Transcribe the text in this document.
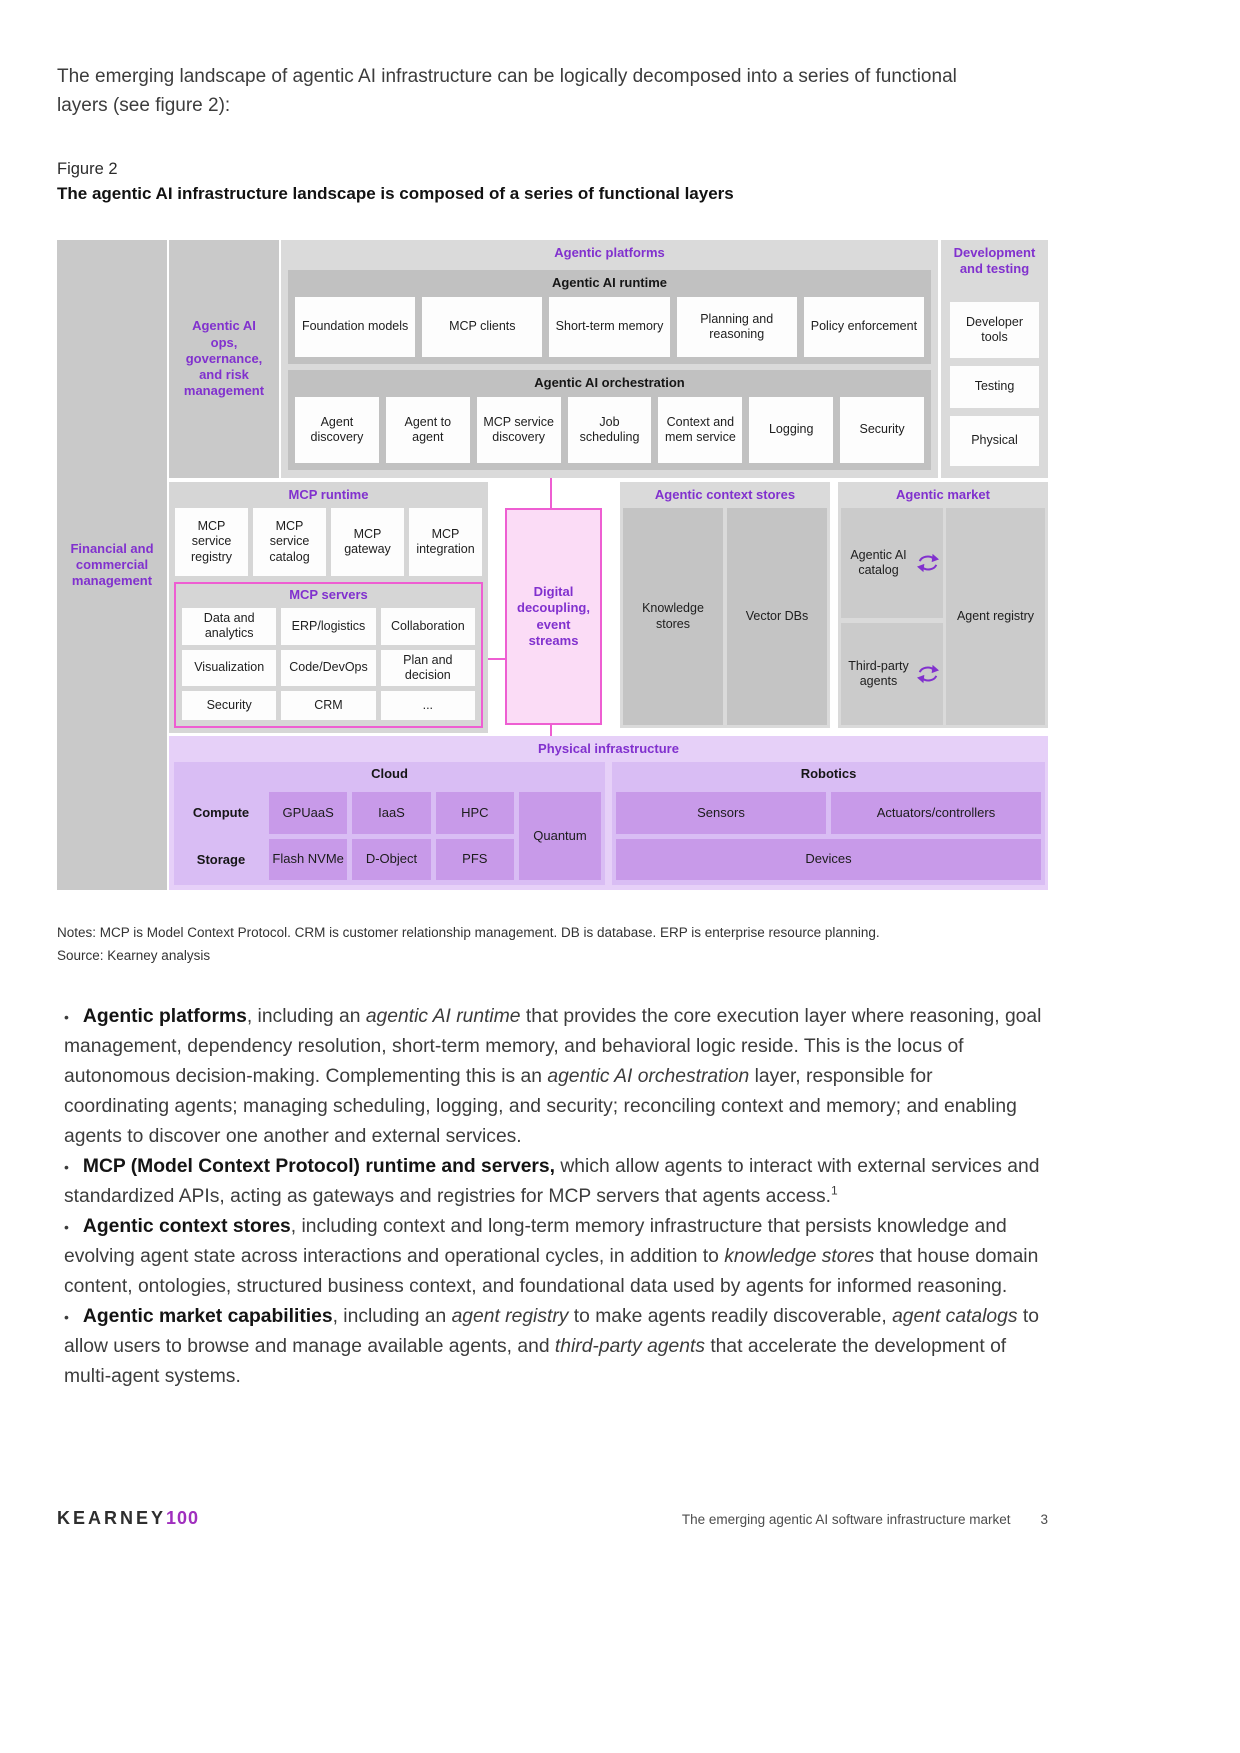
The emerging landscape of agentic AI infrastructure can be logically decomposed into a series of functional layers (see figure 2):

Figure 2
The agentic AI infrastructure landscape is composed of a series of functional layers
Financial and commercial management
Agentic AI ops, governance, and risk management
Agentic platforms
Agentic AI runtime
Foundation models	MCP clients	Short-term memory
Planning and reasoning
Policy enforcement
Agentic AI orchestration
Agent discovery
Agent to agent
MCP service discovery
Job scheduling
Context and mem service
Logging	Security
Development and testing
Developer tools
Testing
Physical
MCP runtime
MCP service registry
MCP service catalog
MCP gateway
MCP integration
MCP servers
Data and analytics
ERP/logistics	Collaboration
Visualization	Code/DevOps
Plan and decision
Security	CRM	...
Digital decoupling, event streams
Agentic context stores
Knowledge stores
Vector DBs
Agentic market
Agentic AI catalog
Third-party agents
Agent registry
Physical infrastructure
Cloud
Compute	GPUaaS	IaaS	HPC
Quantum
Storage	Flash NVMe	D-Object	PFS
Robotics
Sensors	Actuators/controllers
Devices
Notes: MCP is Model Context Protocol. CRM is customer relationship management. DB is database. ERP is enterprise resource planning.
Source: Kearney analysis

• Agentic platforms, including an agentic AI runtime that provides the core execution layer where reasoning, goal management, dependency resolution, short-term memory, and behavioral logic reside. This is the locus of autonomous decision-making. Complementing this is an agentic AI orchestration layer, responsible for coordinating agents; managing scheduling, logging, and security; reconciling context and memory; and enabling agents to discover one another and external services.

• MCP (Model Context Protocol) runtime and servers, which allow agents to interact with external services and standardized APIs, acting as gateways and registries for MCP servers that agents access.$^1$

• Agentic context stores, including context and long-term memory infrastructure that persists knowledge and evolving agent state across interactions and operational cycles, in addition to knowledge stores that house domain content, ontologies, structured business context, and foundational data used by agents for informed reasoning.

• Agentic market capabilities, including an agent registry to make agents readily discoverable, agent catalogs to allow users to browse and manage available agents, and third-party agents that accelerate the development of multi-agent systems.

KEARNEY100	The emerging agentic AI software infrastructure market 3
